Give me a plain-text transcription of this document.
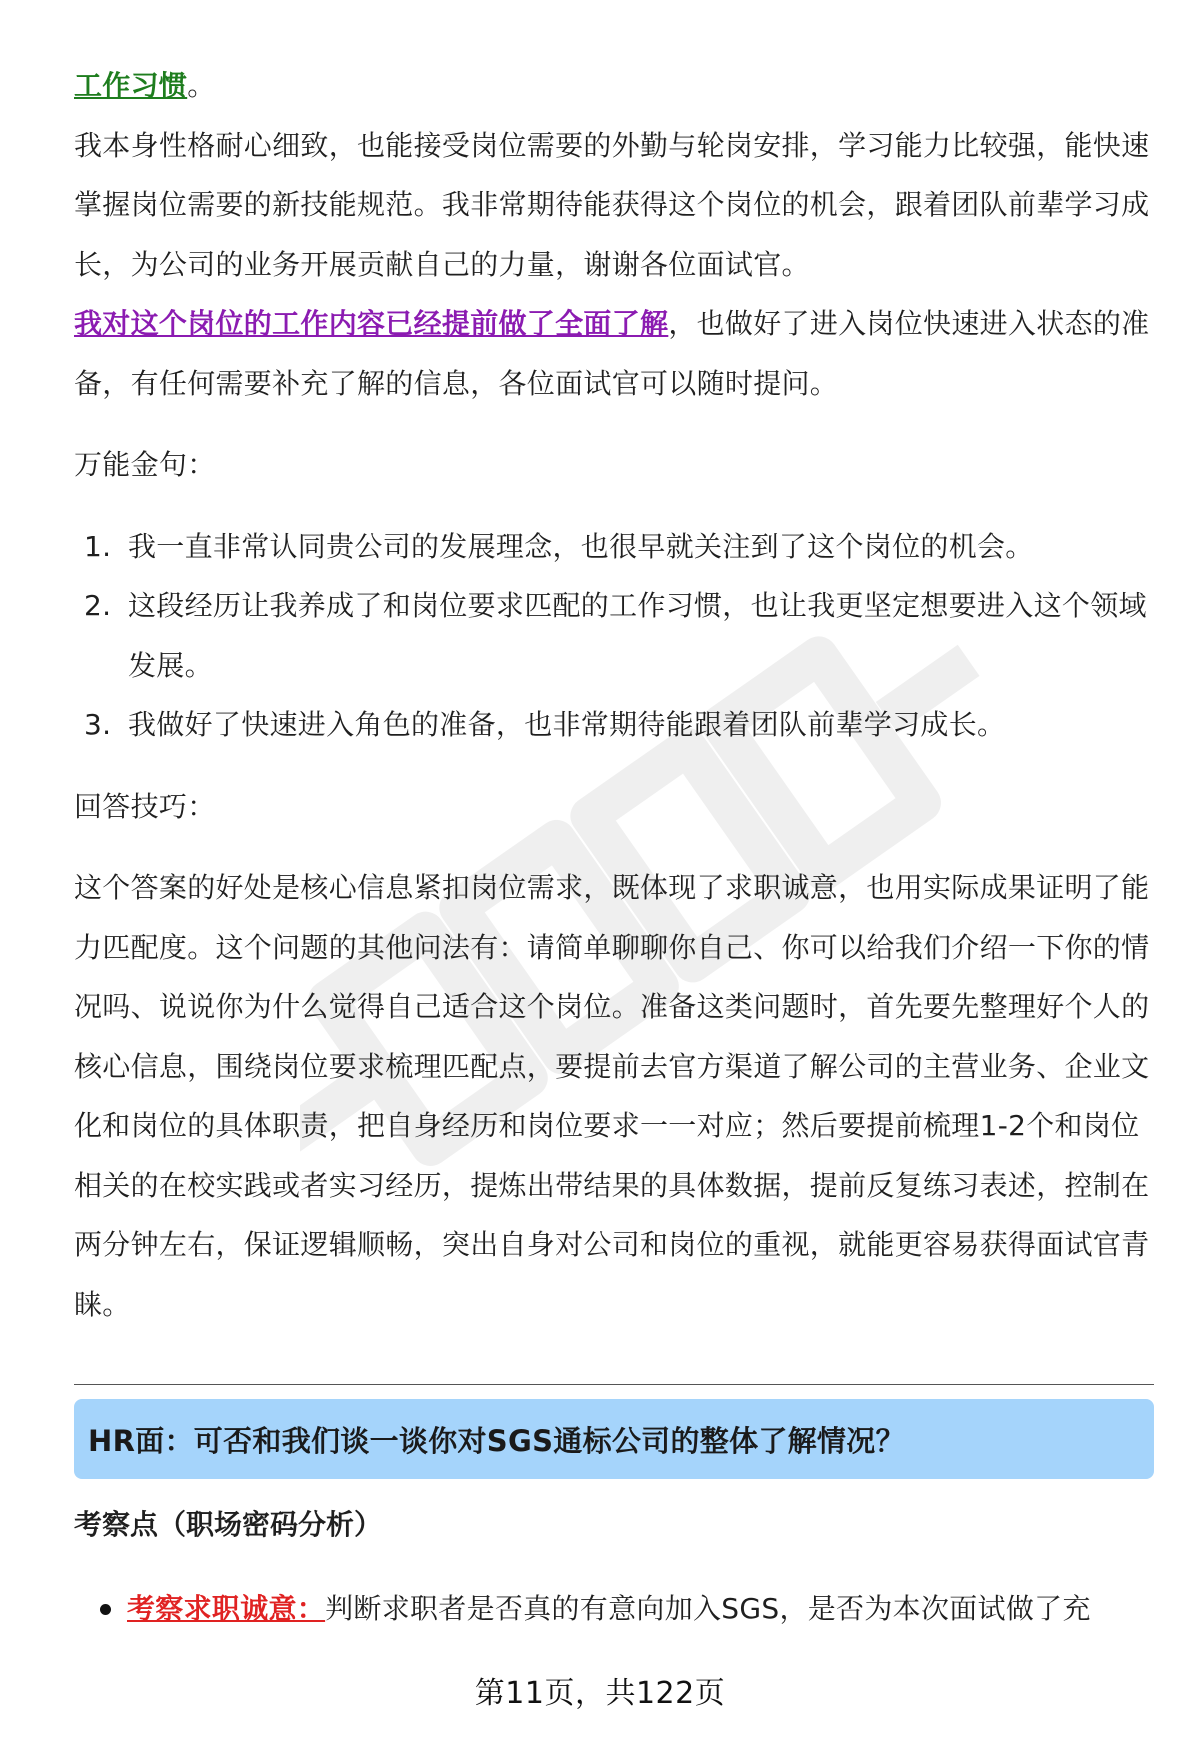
工作习惯。

我本身性格耐心细致，也能接受岗位需要的外勤与轮岗安排，学习能力比较强，能快速掌握岗位需要的新技能规范。我非常期待能获得这个岗位的机会，跟着团队前辈学习成长，为公司的业务开展贡献自己的力量，谢谢各位面试官。

我对这个岗位的工作内容已经提前做了全面了解，也做好了进入岗位快速进入状态的准备，有任何需要补充了解的信息，各位面试官可以随时提问。

万能金句：

1. 我一直非常认同贵公司的发展理念，也很早就关注到了这个岗位的机会。
2. 这段经历让我养成了和岗位要求匹配的工作习惯，也让我更坚定想要进入这个领域发展。
3. 我做好了快速进入角色的准备，也非常期待能跟着团队前辈学习成长。

回答技巧：

这个答案的好处是核心信息紧扣岗位需求，既体现了求职诚意，也用实际成果证明了能力匹配度。这个问题的其他问法有：请简单聊聊你自己、你可以给我们介绍一下你的情况吗、说说你为什么觉得自己适合这个岗位。准备这类问题时，首先要先整理好个人的核心信息，围绕岗位要求梳理匹配点，要提前去官方渠道了解公司的主营业务、企业文化和岗位的具体职责，把自身经历和岗位要求一一对应；然后要提前梳理1-2个和岗位相关的在校实践或者实习经历，提炼出带结果的具体数据，提前反复练习表述，控制在两分钟左右，保证逻辑顺畅，突出自身对公司和岗位的重视，就能更容易获得面试官青睐。

HR面：可否和我们谈一谈你对SGS通标公司的整体了解情况？
考察点（职场密码分析）
考察求职诚意：判断求职者是否真的有意向加入SGS，是否为本次面试做了充
第11页，共122页
